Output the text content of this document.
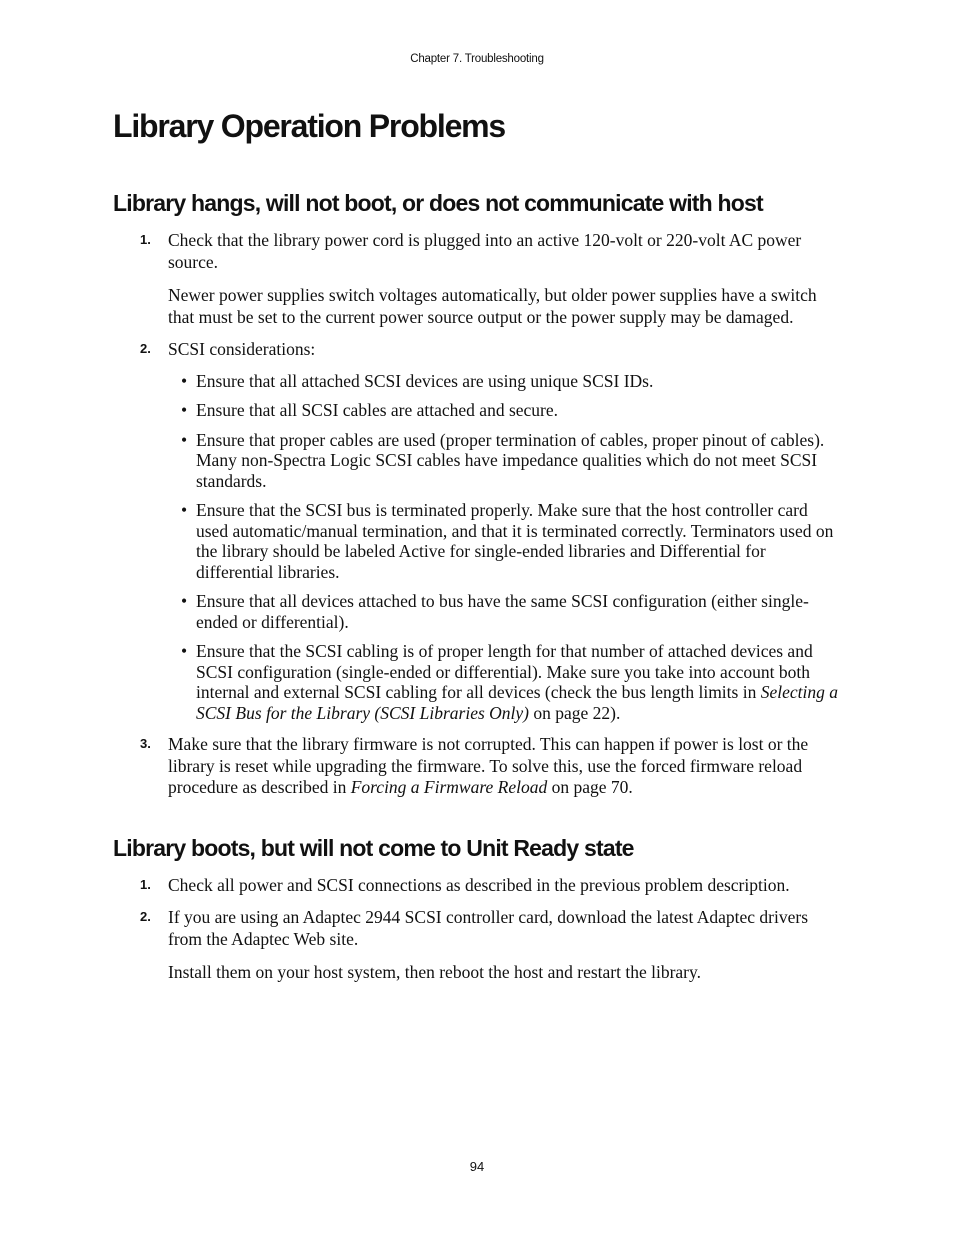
Chapter 7. Troubleshooting
Library Operation Problems
Library hangs, will not boot, or does not communicate with host
1. Check that the library power cord is plugged into an active 120-volt or 220-volt AC power source.

Newer power supplies switch voltages automatically, but older power supplies have a switch that must be set to the current power source output or the power supply may be damaged.

2. SCSI considerations:

• Ensure that all attached SCSI devices are using unique SCSI IDs.
• Ensure that all SCSI cables are attached and secure.
• Ensure that proper cables are used (proper termination of cables, proper pinout of cables). Many non-Spectra Logic SCSI cables have impedance qualities which do not meet SCSI standards.
• Ensure that the SCSI bus is terminated properly. Make sure that the host controller card used automatic/manual termination, and that it is terminated correctly. Terminators used on the library should be labeled Active for single-ended libraries and Differential for differential libraries.
• Ensure that all devices attached to bus have the same SCSI configuration (either single-ended or differential).
• Ensure that the SCSI cabling is of proper length for that number of attached devices and SCSI configuration (single-ended or differential). Make sure you take into account both internal and external SCSI cabling for all devices (check the bus length limits in Selecting a SCSI Bus for the Library (SCSI Libraries Only) on page 22).
3. Make sure that the library firmware is not corrupted. This can happen if power is lost or the library is reset while upgrading the firmware. To solve this, use the forced firmware reload procedure as described in Forcing a Firmware Reload on page 70.

Library boots, but will not come to Unit Ready state
1. Check all power and SCSI connections as described in the previous problem description.

2. If you are using an Adaptec 2944 SCSI controller card, download the latest Adaptec drivers from the Adaptec Web site.

Install them on your host system, then reboot the host and restart the library.

94
